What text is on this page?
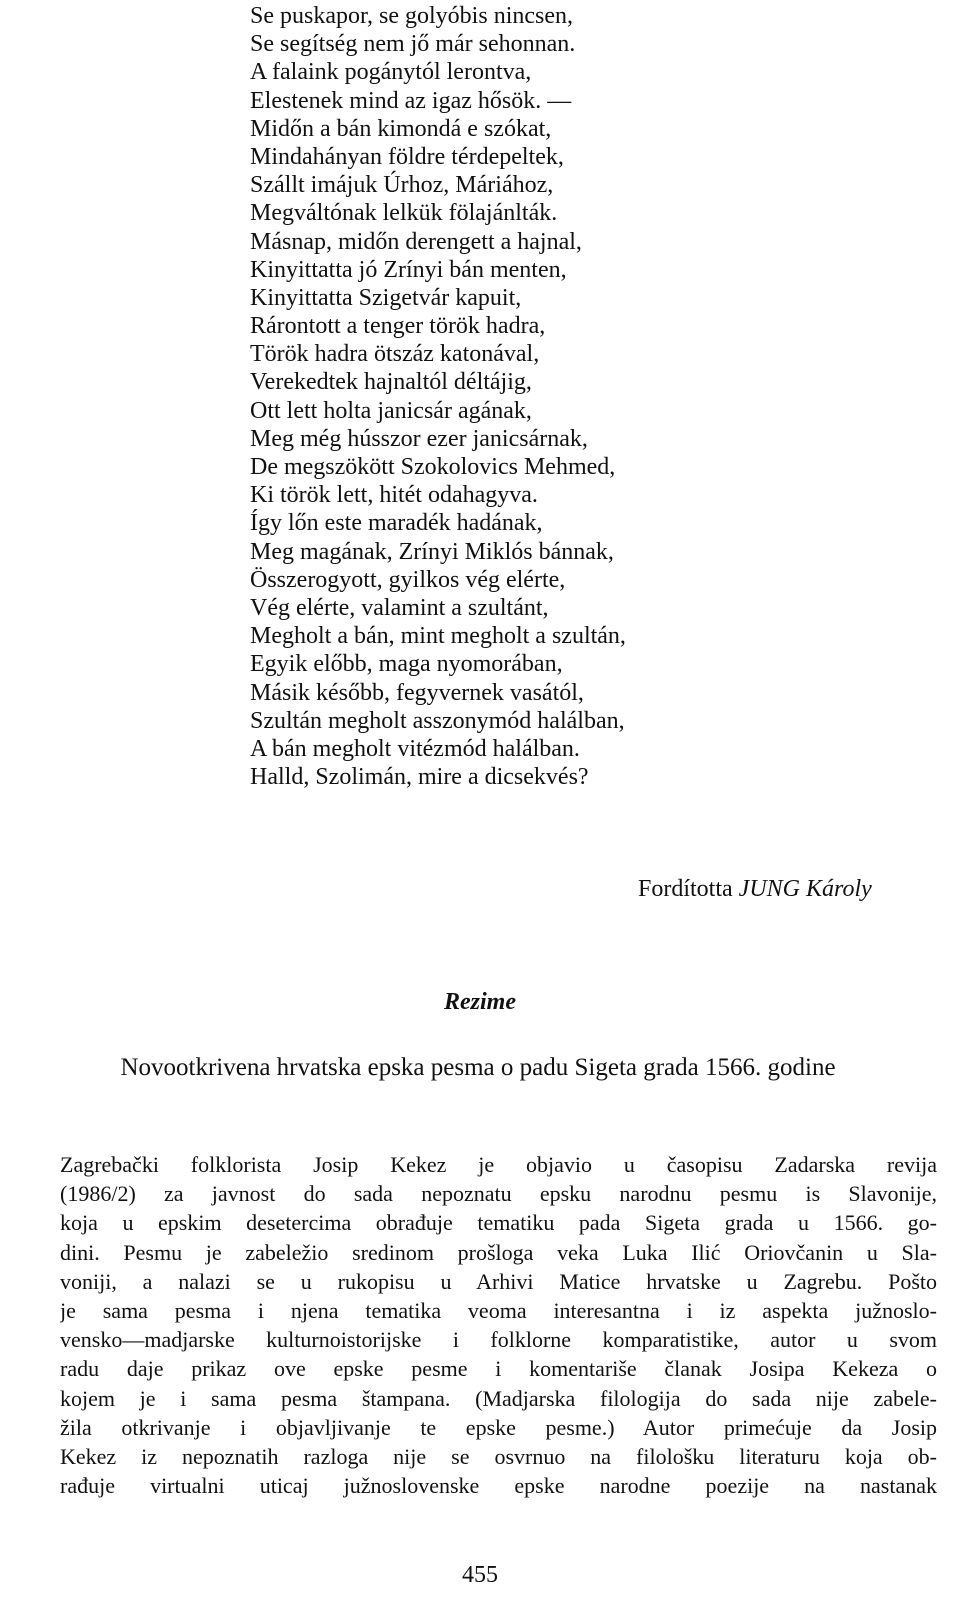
Se puskapor, se golyóbis nincsen,
Se segítség nem jő már sehonnan.
A falaink pogánytól lerontva,
Elestenek mind az igaz hősök. —
Midőn a bán kimondá e szókat,
Mindahányan földre térdepeltek,
Szállt imájuk Úrhoz, Máriához,
Megváltónak lelkük fölajánlták.
Másnap, midőn derengett a hajnal,
Kinyittatta jó Zrínyi bán menten,
Kinyittatta Szigetvár kapuit,
Rárontott a tenger török hadra,
Török hadra ötszáz katonával,
Verekedtek hajnaltól déltájig,
Ott lett holta janicsár agának,
Meg még hússzor ezer janicsárnak,
De megszökött Szokolovics Mehmed,
Ki török lett, hitét odahagyva.
Így lőn este maradék hadának,
Meg magának, Zrínyi Miklós bánnak,
Összerogyott, gyilkos vég elérte,
Vég elérte, valamint a szultánt,
Megholt a bán, mint megholt a szultán,
Egyik előbb, maga nyomorában,
Másik később, fegyvernek vasától,
Szultán megholt asszonymód halálban,
A bán megholt vitézmód halálban.
Halld, Szolimán, mire a dicsekvés?
Fordította JUNG Károly
Rezime
Novootkrivena hrvatska epska pesma o padu Sigeta grada 1566. godine
Zagrebački folklorista Josip Kekez je objavio u časopisu Zadarska revija
(1986/2) za javnost do sada nepoznatu epsku narodnu pesmu is Slavonije,
koja u epskim desetercima obrađuje tematiku pada Sigeta grada u 1566. go-
dini. Pesmu je zabeležio sredinom prošloga veka Luka Ilić Oriovčanin u Sla-
voniji, a nalazi se u rukopisu u Arhivi Matice hrvatske u Zagrebu. Pošto
je sama pesma i njena tematika veoma interesantna i iz aspekta južnoslo-
vensko—madjarske kulturnoistorijske i folklorne komparatistike, autor u svom
radu daje prikaz ove epske pesme i komentariše članak Josipa Kekeza o
kojem je i sama pesma štampana. (Madjarska filologija do sada nije zabele-
žila otkrivanje i objavljivanje te epske pesme.) Autor primećuje da Josip
Kekez iz nepoznatih razloga nije se osvrnuo na filološku literaturu koja ob-
rađuje virtualni uticaj južnoslovenske epske narodne poezije na nastanak
455
